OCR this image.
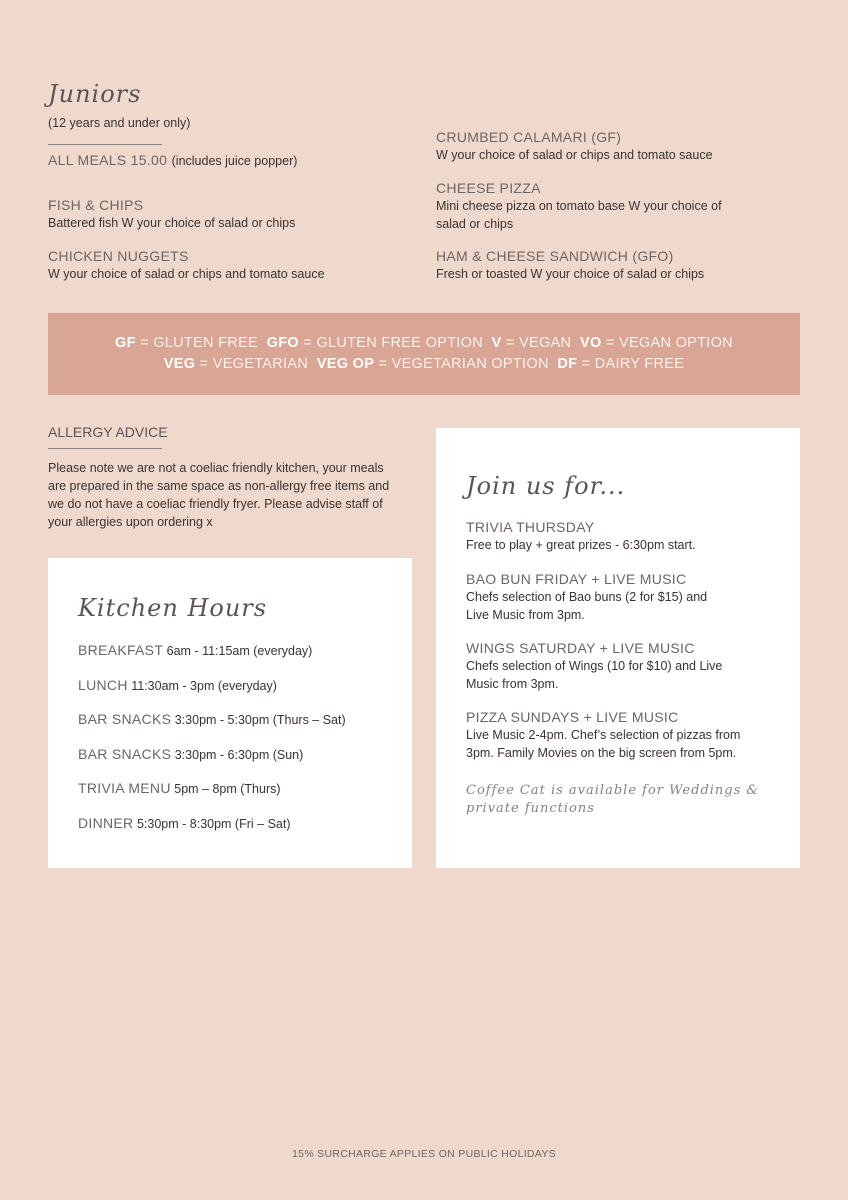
Juniors
(12 years and under only)
ALL MEALS 15.00 (includes juice popper)
FISH & CHIPS
Battered fish W your choice of salad or chips
CHICKEN NUGGETS
W your choice of salad or chips and tomato sauce
CRUMBED CALAMARI (GF)
W your choice of salad or chips and tomato sauce
CHEESE PIZZA
Mini cheese pizza on tomato base W your choice of salad or chips
HAM & CHEESE SANDWICH (GFO)
Fresh or toasted W your choice of salad or chips
GF = GLUTEN FREE  GFO = GLUTEN FREE OPTION  V = VEGAN  VO = VEGAN OPTION
VEG = VEGETARIAN  VEG OP = VEGETARIAN OPTION  DF = DAIRY FREE
ALLERGY ADVICE
Please note we are not a coeliac friendly kitchen, your meals are prepared in the same space as non-allergy free items and we do not have a coeliac friendly fryer. Please advise staff of your allergies upon ordering x
Kitchen Hours
BREAKFAST 6am - 11:15am (everyday)
LUNCH 11:30am - 3pm (everyday)
BAR SNACKS 3:30pm - 5:30pm (Thurs – Sat)
BAR SNACKS 3:30pm - 6:30pm (Sun)
TRIVIA MENU 5pm – 8pm (Thurs)
DINNER 5:30pm - 8:30pm (Fri – Sat)
Join us for...
TRIVIA THURSDAY
Free to play + great prizes - 6:30pm start.
BAO BUN FRIDAY + LIVE MUSIC
Chefs selection of Bao buns (2 for $15) and Live Music from 3pm.
WINGS SATURDAY + LIVE MUSIC
Chefs selection of Wings (10 for $10) and Live Music from 3pm.
PIZZA SUNDAYS + LIVE MUSIC
Live Music 2-4pm. Chef’s selection of pizzas from 3pm. Family Movies on the big screen from 5pm.
Coffee Cat is available for Weddings & private functions
15% SURCHARGE APPLIES ON PUBLIC HOLIDAYS
